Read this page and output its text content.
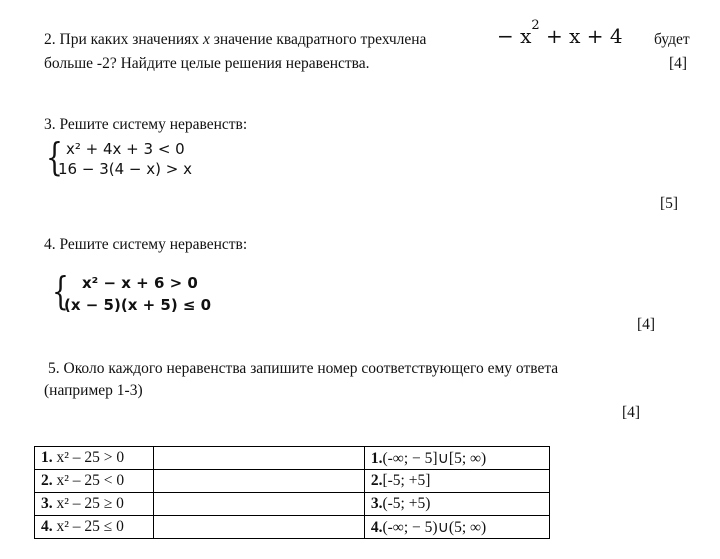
2. При каких значениях x значение квадратного трехчлена	− $x^2 + x + 4$ будет
больше -2? Найдите целые решения неравенства.	[4]
3. Решите систему неравенств:
{ x² + 4x + 3 < 0
16 − 3(4 − x) > x
[5]
4. Решите систему неравенств:
{ x² − x + 6 > 0
(x − 5)(x + 5) ≤ 0
[4]
5. Около каждого неравенства запишите номер соответствующего ему ответа
(например 1-3)
[4]
1. x² – 25 > 0		1.(-∞; − 5]∪[5; ∞)
2. x² – 25 < 0		2.[-5; +5]
3. x² – 25 ≥ 0		3.(-5; +5)
4. x² – 25 ≤ 0		4.(-∞; − 5)∪(5; ∞)
